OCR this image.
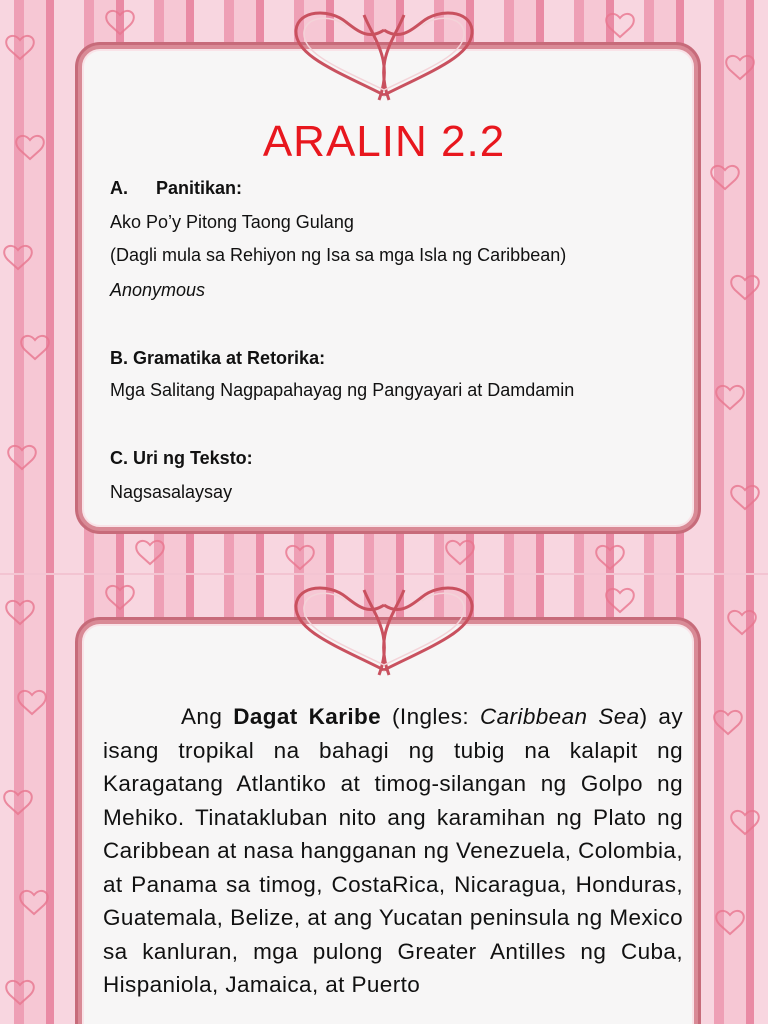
ARALIN 2.2
A. Panitikan:
Ako Po’y Pitong Taong Gulang
(Dagli mula sa Rehiyon ng Isa sa mga Isla ng Caribbean)
Anonymous
B. Gramatika at Retorika:
Mga Salitang Nagpapahayag ng Pangyayari at Damdamin
C. Uri ng Teksto:
Nagsasalaysay

Ang Dagat Karibe (Ingles: Caribbean Sea) ay isang tropikal na bahagi ng tubig na kalapit ng Karagatang Atlantiko at timog-silangan ng Golpo ng Mehiko. Tinatakluban nito ang karamihan ng Plato ng Caribbean at nasa hangganan ng Venezuela, Colombia, at Panama sa timog, CostaRica, Nicaragua, Honduras, Guatemala, Belize, at ang Yucatan peninsula ng Mexico sa kanluran, mga pulong Greater Antilles ng Cuba, Hispaniola, Jamaica, at Puerto
